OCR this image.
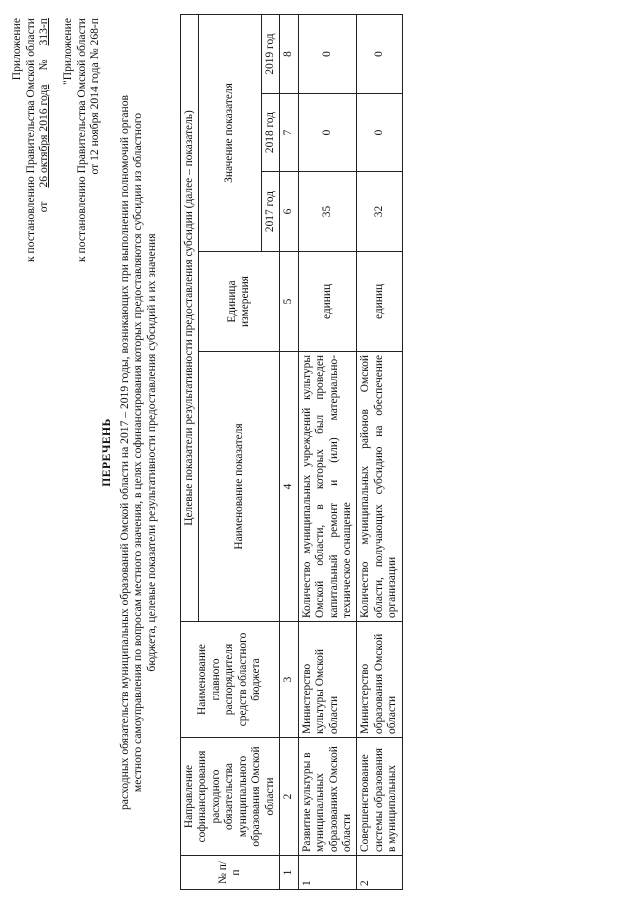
Приложение к постановлению Правительства Омской области от
26 октября 2016 года
№
313-п "Приложение к постановлению Правительства Омской области от 12 ноября 2014 года № 268-п
ПЕРЕЧЕНЬ расходных обязательств муниципальных образований Омской области на 2017 – 2019 годы, возникающих при выполнении полномочий органов местного самоуправления по вопросам местного значения, в целях софинансирования которых предоставляются субсидии из областного бюджета, целевые показатели результативности предоставления субсидий и их значения
№ п/п	Направление софинансирования расходного обязательства муниципального образования Омской области	Наименование главного распорядителя средств областного бюджета	Целевые показатели результативности предоставления субсидии (далее – показатель)				
			Наименование показателя	Единица измерения	Значение показателя		
					2017 год	2018 год	2019 год
1	2	3	4	5	6	7	8
1	Развитие культуры в муниципальных образованиях Омской области	Министерство культуры Омской области	Количество муниципальных учреждений культуры Омской области, в которых был проведен капитальный ремонт и (или) материально-техническое оснащение	единиц	35	0	0
2	Совершенствование системы образования в муниципальных	Министерство образования Омской области	Количество муниципальных районов Омской области, получающих субсидию на обеспечение организации	единиц	32	0	0
